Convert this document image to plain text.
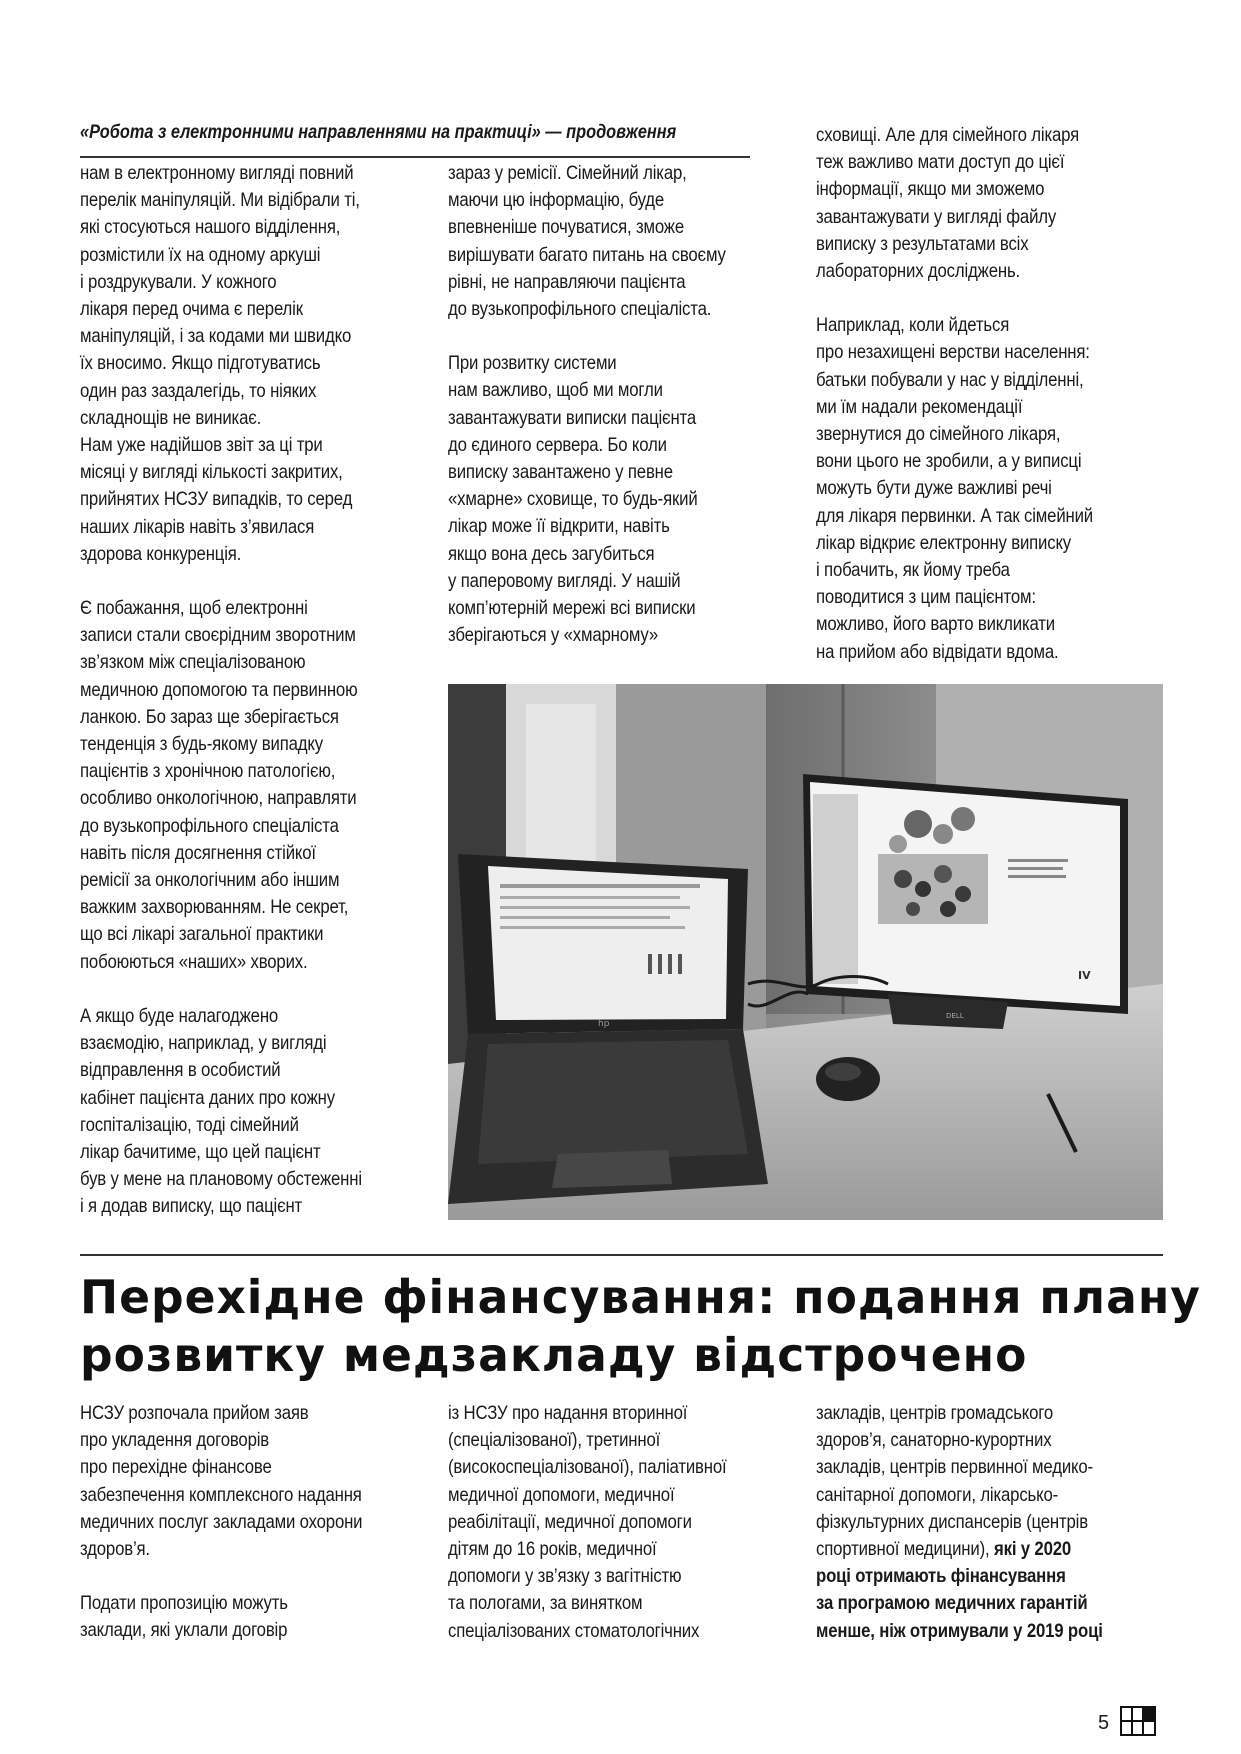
«Робота з електронними направленнями на практиці» — продовження

нам в електронному вигляді повний

перелік маніпуляцій. Ми відібрали ті,

які стосуються нашого відділення,

розмістили їх на одному аркуші

і роздрукували. У кожного

лікаря перед очима є перелік

маніпуляцій, і за кодами ми швидко

їх вносимо. Якщо підготуватись

один раз заздалегідь, то ніяких

складнощів не виникає.

Нам уже надійшов звіт за ці три

місяці у вигляді кількості закритих,

прийнятих НСЗУ випадків, то серед

наших лікарів навіть з’явилася

здорова конкуренція.

Є побажання, щоб електронні

записи стали своєрідним зворотним

зв’язком між спеціалізованою

медичною допомогою та первинною

ланкою. Бо зараз ще зберігається

тенденція з будь-якому випадку

пацієнтів з хронічною патологією,

особливо онкологічною, направляти

до вузькопрофільного спеціаліста

навіть після досягнення стійкої

ремісії за онкологічним або іншим

важким захворюванням. Не секрет,

що всі лікарі загальної практики

побоюються «наших» хворих.

А якщо буде налагоджено

взаємодію, наприклад, у вигляді

відправлення в особистий

кабінет пацієнта даних про кожну

госпіталізацію, тоді сімейний

лікар бачитиме, що цей пацієнт

був у мене на плановому обстеженні

і я додав виписку, що пацієнт

зараз у ремісії. Сімейний лікар,

маючи цю інформацію, буде

впевненіше почуватися, зможе

вирішувати багато питань на своєму

рівні, не направляючи пацієнта

до вузькопрофільного спеціаліста.

При розвитку системи

нам важливо, щоб ми могли

завантажувати виписки пацієнта

до єдиного сервера. Бо коли

виписку завантажено у певне

«хмарне» сховище, то будь-який

лікар може її відкрити, навіть

якщо вона десь загубиться

у паперовому вигляді. У нашій

комп’ютерній мережі всі виписки

зберігаються у «хмарному»

сховищі. Але для сімейного лікаря

теж важливо мати доступ до цієї

інформації, якщо ми зможемо

завантажувати у вигляді файлу

виписку з результатами всіх

лабораторних досліджень.

Наприклад, коли йдеться

про незахищені верстви населення:

батьки побували у нас у відділенні,

ми їм надали рекомендації

звернутися до сімейного лікаря,

вони цього не зробили, а у виписці

можуть бути дуже важливі речі

для лікаря первинки. А так сімейний

лікар відкриє електронну виписку

і побачить, як йому треба

поводитися з цим пацієнтом:

можливо, його варто викликати

на прийом або відвідати вдома.

hp
IV
DELL
Перехідне фінансування: подання плану
розвитку медзакладу відстрочено

НСЗУ розпочала прийом заяв

про укладення договорів

про перехідне фінансове

забезпечення комплексного надання

медичних послуг закладами охорони

здоров’я.

Подати пропозицію можуть

заклади, які уклали договір

із НСЗУ про надання вторинної

(спеціалізованої), третинної

(високоспеціалізованої), паліативної

медичної допомоги, медичної

реабілітації, медичної допомоги

дітям до 16 років, медичної

допомоги у зв’язку з вагітністю

та пологами, за винятком

спеціалізованих стоматологічних

закладів, центрів громадського

здоров’я, санаторно-курортних

закладів, центрів первинної медико-

санітарної допомоги, лікарсько-

фізкультурних диспансерів (центрів

спортивної медицини), які у 2020

році отримають фінансування
за програмою медичних гарантій
менше, ніж отримували у 2019 році
5
